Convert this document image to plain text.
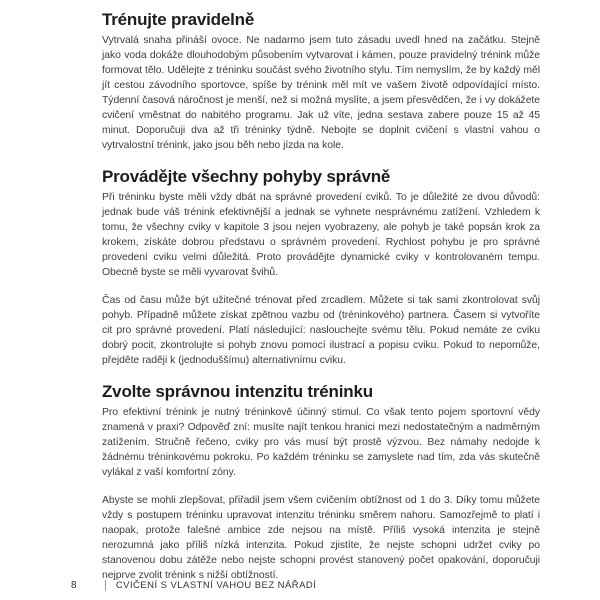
Trénujte pravidelně

Vytrvalá snaha přináší ovoce. Ne nadarmo jsem tuto zásadu uvedl hned na začátku. Stejně jako voda dokáže dlouhodobým působením vytvarovat i kámen, pouze pravidelný trénink může formovat tělo. Udělejte z tréninku součást svého životního stylu. Tím nemyslím, že by každý měl jít cestou závodního sportovce, spíše by trénink měl mít ve vašem životě odpovídající místo. Týdenní časová náročnost je menší, než si možná myslíte, a jsem přesvědčen, že i vy dokážete cvičení vměstnat do nabitého programu. Jak už víte, jedna sestava zabere pouze 15 až 45 minut. Doporučuji dva až tři tréninky týdně. Nebojte se doplnit cvičení s vlastní vahou o vytrvalostní trénink, jako jsou běh nebo jízda na kole.

Provádějte všechny pohyby správně

Při tréninku byste měli vždy dbát na správné provedení cviků. To je důležité ze dvou důvodů: jednak bude váš trénink efektivnější a jednak se vyhnete nesprávnému zatížení. Vzhledem k tomu, že všechny cviky v kapitole 3 jsou nejen vyobrazeny, ale pohyb je také popsán krok za krokem, získáte dobrou představu o správném provedení. Rychlost pohybu je pro správné provedení cviku velmi důležitá. Proto provádějte dynamické cviky v kontrolovaném tempu. Obecně byste se měli vyvarovat švihů.

Čas od času může být užitečné trénovat před zrcadlem. Můžete si tak sami zkontrolovat svůj pohyb. Případně můžete získat zpětnou vazbu od (tréninkového) partnera. Časem si vytvoříte cit pro správné provedení. Platí následující: naslouchejte svému tělu. Pokud nemáte ze cviku dobrý pocit, zkontrolujte si pohyb znovu pomocí ilustrací a popisu cviku. Pokud to nepomůže, přejděte raději k (jednoduššímu) alternativnímu cviku.

Zvolte správnou intenzitu tréninku

Pro efektivní trénink je nutný tréninkově účinný stimul. Co však tento pojem sportovní vědy znamená v praxi? Odpověď zní: musíte najít tenkou hranici mezi nedostatečným a nadměrným zatížením. Stručně řečeno, cviky pro vás musí být prostě výzvou. Bez námahy nedojde k žádnému tréninkovému pokroku. Po každém tréninku se zamyslete nad tím, zda vás skutečně vylákal z vaší komfortní zóny.

Abyste se mohli zlepšovat, přiřadil jsem všem cvičením obtížnost od 1 do 3. Díky tomu můžete vždy s postupem tréninku upravovat intenzitu tréninku směrem nahoru. Samozřejmě to platí i naopak, protože falešné ambice zde nejsou na místě. Příliš vysoká intenzita je stejně nerozumná jako příliš nízká intenzita. Pokud zjistíte, že nejste schopni udržet cviky po stanovenou dobu zátěže nebo nejste schopni provést stanovený počet opakování, doporučuji nejprve zvolit trénink s nižší obtížností.

8	| CVIČENÍ S VLASTNÍ VAHOU BEZ NÁŘADÍ
